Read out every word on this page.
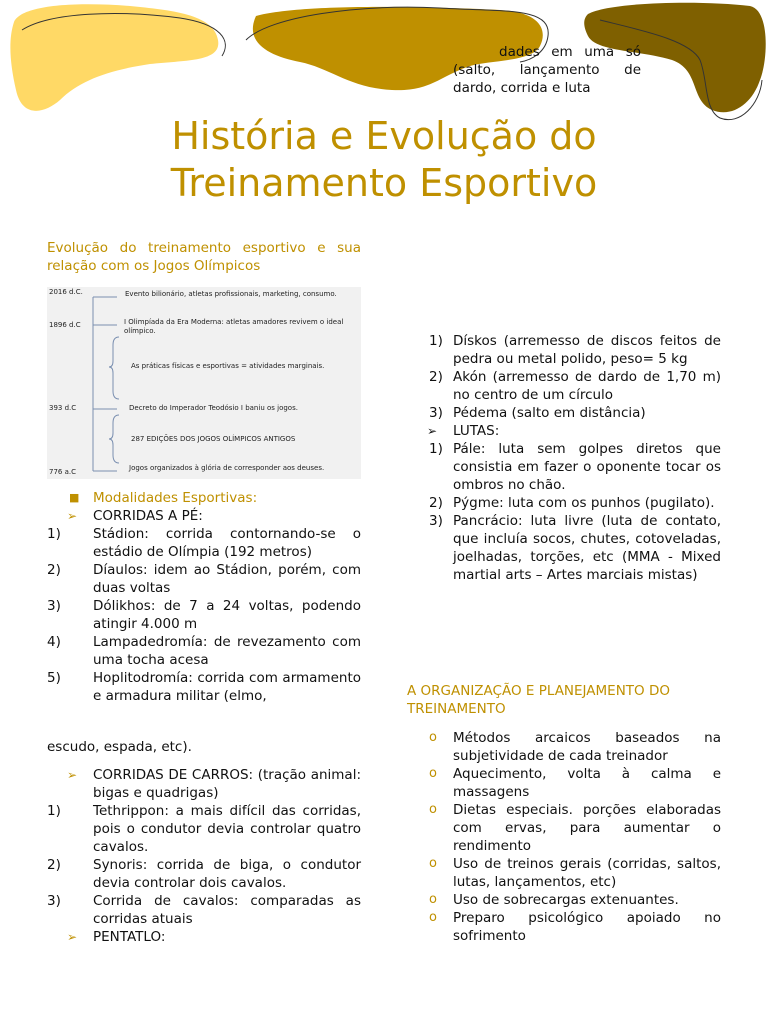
dades em uma só
(salto, lançamento de
dardo, corrida e luta
História e Evolução do
Treinamento Esportivo

Evolução do treinamento esportivo e sua relação com os Jogos Olímpicos

2016 d.C.
1896 d.C
393 d.C
776 a.C
Evento bilionário, atletas profissionais, marketing, consumo.
I Olimpíada da Era Moderna: atletas amadores revivem o ideal
olímpico.
As práticas físicas e esportivas = atividades marginais.
Decreto do Imperador Teodósio I baniu os jogos.
287 EDIÇÕES DOS JOGOS OLÍMPICOS ANTIGOS
Jogos organizados à glória de corresponder aos deuses.
■ Modalidades Esportivas:
➢ CORRIDAS A PÉ:
1) Stádion: corrida contornando-se o estádio de Olímpia (192 metros)
2) Díaulos: idem ao Stádion, porém, com duas voltas
3) Dólikhos: de 7 a 24 voltas, podendo atingir 4.000 m
4) Lampadedromía: de revezamento com uma tocha acesa
5) Hoplitodromía: corrida com armamento e armadura militar (elmo,
escudo, espada, etc).
➢ CORRIDAS DE CARROS: (tração animal: bigas e quadrigas)
1) Tethrippon: a mais difícil das corridas, pois o condutor devia controlar quatro cavalos.
2) Synoris: corrida de biga, o condutor devia controlar dois cavalos.
3) Corrida de cavalos: comparadas as corridas atuais
➢ PENTATLO:
1) Dískos (arremesso de discos feitos de pedra ou metal polido, peso= 5 kg
2) Akón (arremesso de dardo de 1,70 m) no centro de um círculo
3) Pédema (salto em distância)
➢ LUTAS:
1) Pále: luta sem golpes diretos que consistia em fazer o oponente tocar os ombros no chão.
2) Pýgme: luta com os punhos (pugilato).
3) Pancrácio: luta livre (luta de contato, que incluía socos, chutes, cotoveladas, joelhadas, torções, etc (MMA - Mixed martial arts – Artes marciais mistas)

A ORGANIZAÇÃO E PLANEJAMENTO DO TREINAMENTO

o Métodos arcaicos baseados na subjetividade de cada treinador
o Aquecimento, volta à calma e massagens
o Dietas especiais. porções elaboradas com ervas, para aumentar o rendimento
o Uso de treinos gerais (corridas, saltos, lutas, lançamentos, etc)
o Uso de sobrecargas extenuantes.
o Preparo psicológico apoiado no sofrimento
